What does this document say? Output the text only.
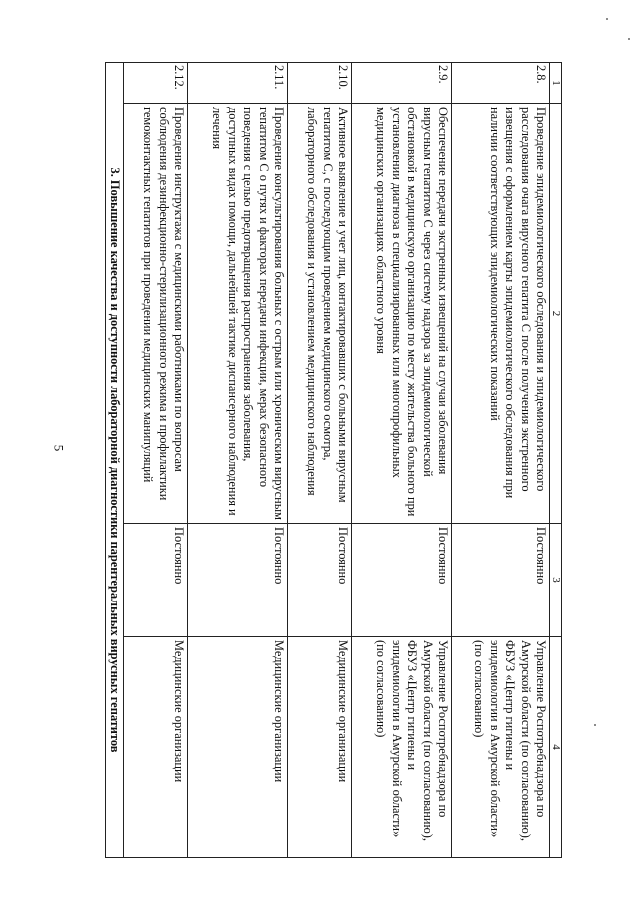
5
1	2	3	4
2.8.	Проведение эпидемиологического обследования и эпидемиологического расследования очага вирусного гепатита С после получения экстренного извещения с оформлением карты эпидемиологического обследования при наличии соответствующих эпидемиологических показаний	Постоянно	Управление Роспотребнадзора по Амурской области (по согласованию), ФБУЗ «Центр гигиены и эпидемиологии в Амурской области» (по согласованию)
2.9.	Обеспечение передачи экстренных извещений на случаи заболевания вирусным гепатитом С через систему надзора за эпидемиологической обстановкой в медицинскую организацию по месту жительства больного при установлении диагноза в специализированных или многопрофильных медицинских организациях областного уровня	Постоянно	Управление Роспотребнадзора по Амурской области (по согласованию), ФБУЗ «Центр гигиены и эпидемиологии в Амурской области» (по согласованию)
2.10.	Активное выявление и учет лиц, контактировавших с больными вирусным гепатитом С, с последующим проведением медицинского осмотра, лабораторного обследования и установлением медицинского наблюдения	Постоянно	Медицинские организации
2.11.	Проведение консультирования больных с острым или хроническим вирусным гепатитом С о путях и факторах передачи инфекции, мерах безопасного поведения с целью предотвращения распространения заболевания, доступных видах помощи, дальнейшей тактике диспансерного наблюдения и лечения	Постоянно	Медицинские организации
2.12.	Проведение инструктажа с медицинскими работниками по вопросам соблюдения дезинфекционно-стерилизационного режима и профилактики гемоконтактных гепатитов при проведении медицинских манипуляций	Постоянно	Медицинские организации
3. Повышение качества и доступности лабораторной диагностики парентеральных вирусных гепатитов			
